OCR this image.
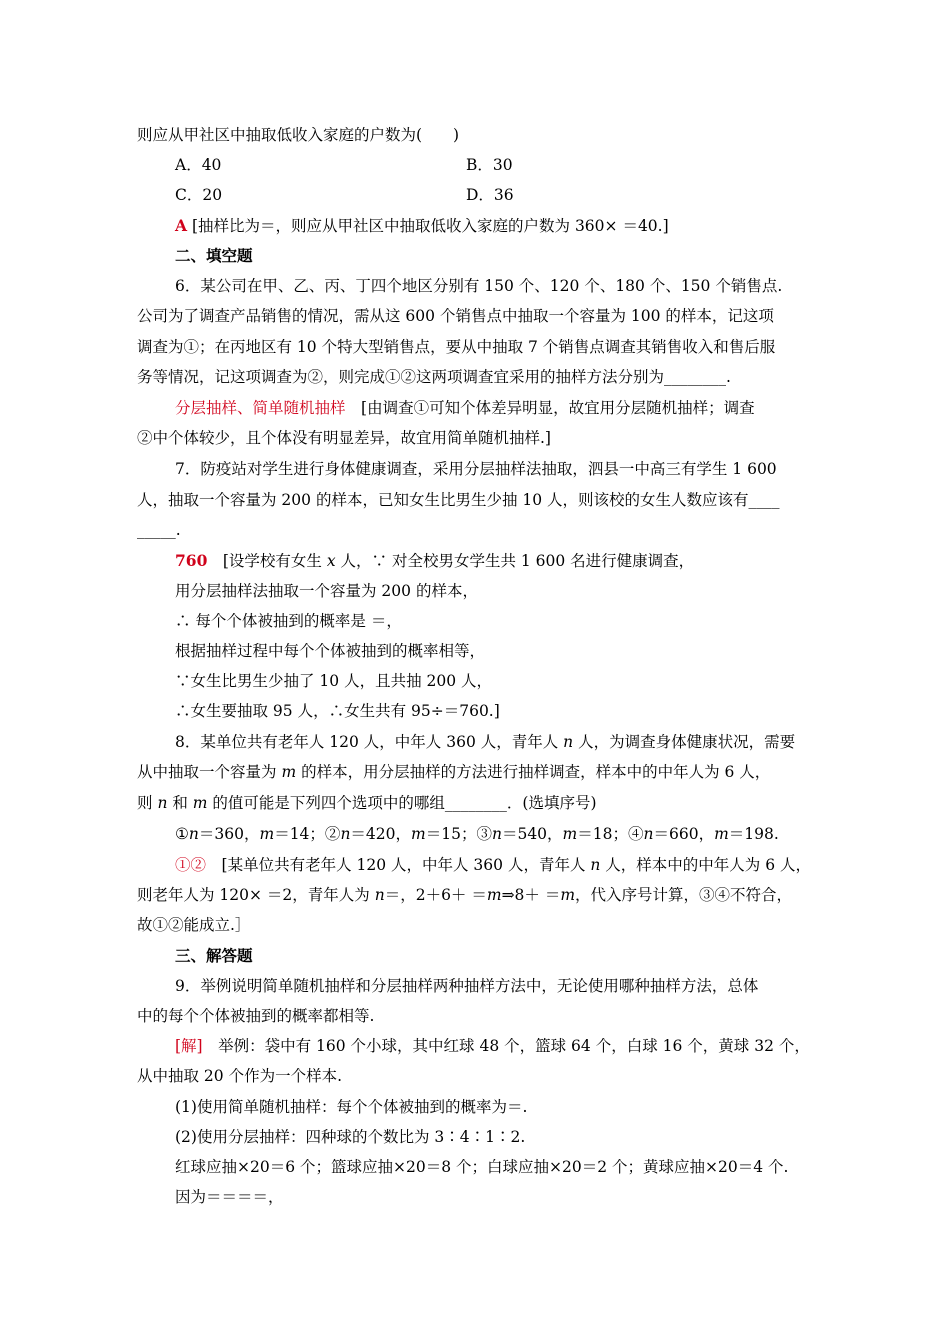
则应从甲社区中抽取低收入家庭的户数为(　　)
A．40	B．30
C．20	D．36
A [抽样比为＝，则应从甲社区中抽取低收入家庭的户数为 360× ＝40.]
二、填空题
6．某公司在甲、乙、丙、丁四个地区分别有 150 个、120 个、180 个、150 个销售点.
公司为了调查产品销售的情况，需从这 600 个销售点中抽取一个容量为 100 的样本，记这项
调查为①；在丙地区有 10 个特大型销售点，要从中抽取 7 个销售点调查其销售收入和售后服
务等情况，记这项调查为②，则完成①②这两项调查宜采用的抽样方法分别为________.
分层抽样、简单随机抽样　[由调查①可知个体差异明显，故宜用分层随机抽样；调查
②中个体较少，且个体没有明显差异，故宜用简单随机抽样.]
7．防疫站对学生进行身体健康调查，采用分层抽样法抽取，泗县一中高三有学生 1 600
人，抽取一个容量为 200 的样本，已知女生比男生少抽 10 人，则该校的女生人数应该有____
_____.
760　[设学校有女生 x 人，∵ 对全校男女学生共 1 600 名进行健康调查，
用分层抽样法抽取一个容量为 200 的样本，
∴ 每个个体被抽到的概率是 ＝，
根据抽样过程中每个个体被抽到的概率相等，
∵女生比男生少抽了 10 人，且共抽 200 人，
∴女生要抽取 95 人，∴女生共有 95÷＝760.]
8．某单位共有老年人 120 人，中年人 360 人，青年人 n 人，为调查身体健康状况，需要
从中抽取一个容量为 m 的样本，用分层抽样的方法进行抽样调查，样本中的中年人为 6 人，
则 n 和 m 的值可能是下列四个选项中的哪组________．(选填序号)
①n＝360，m＝14；②n＝420，m＝15；③n＝540，m＝18；④n＝660，m＝198.
①②　[某单位共有老年人 120 人，中年人 360 人，青年人 n 人，样本中的中年人为 6 人，
则老年人为 120× ＝2，青年人为 n＝，2＋6＋ ＝m⇒8＋ ＝m，代入序号计算，③④不符合，
故①②能成立.］
三、解答题
9．举例说明简单随机抽样和分层抽样两种抽样方法中，无论使用哪种抽样方法，总体
中的每个个体被抽到的概率都相等.
[解]　举例：袋中有 160 个小球，其中红球 48 个，篮球 64 个，白球 16 个，黄球 32 个，
从中抽取 20 个作为一个样本.
(1)使用简单随机抽样：每个个体被抽到的概率为＝.
(2)使用分层抽样：四种球的个数比为 3∶4∶1∶2.
红球应抽×20＝6 个；篮球应抽×20＝8 个；白球应抽×20＝2 个；黄球应抽×20＝4 个.
因为＝＝＝＝，
